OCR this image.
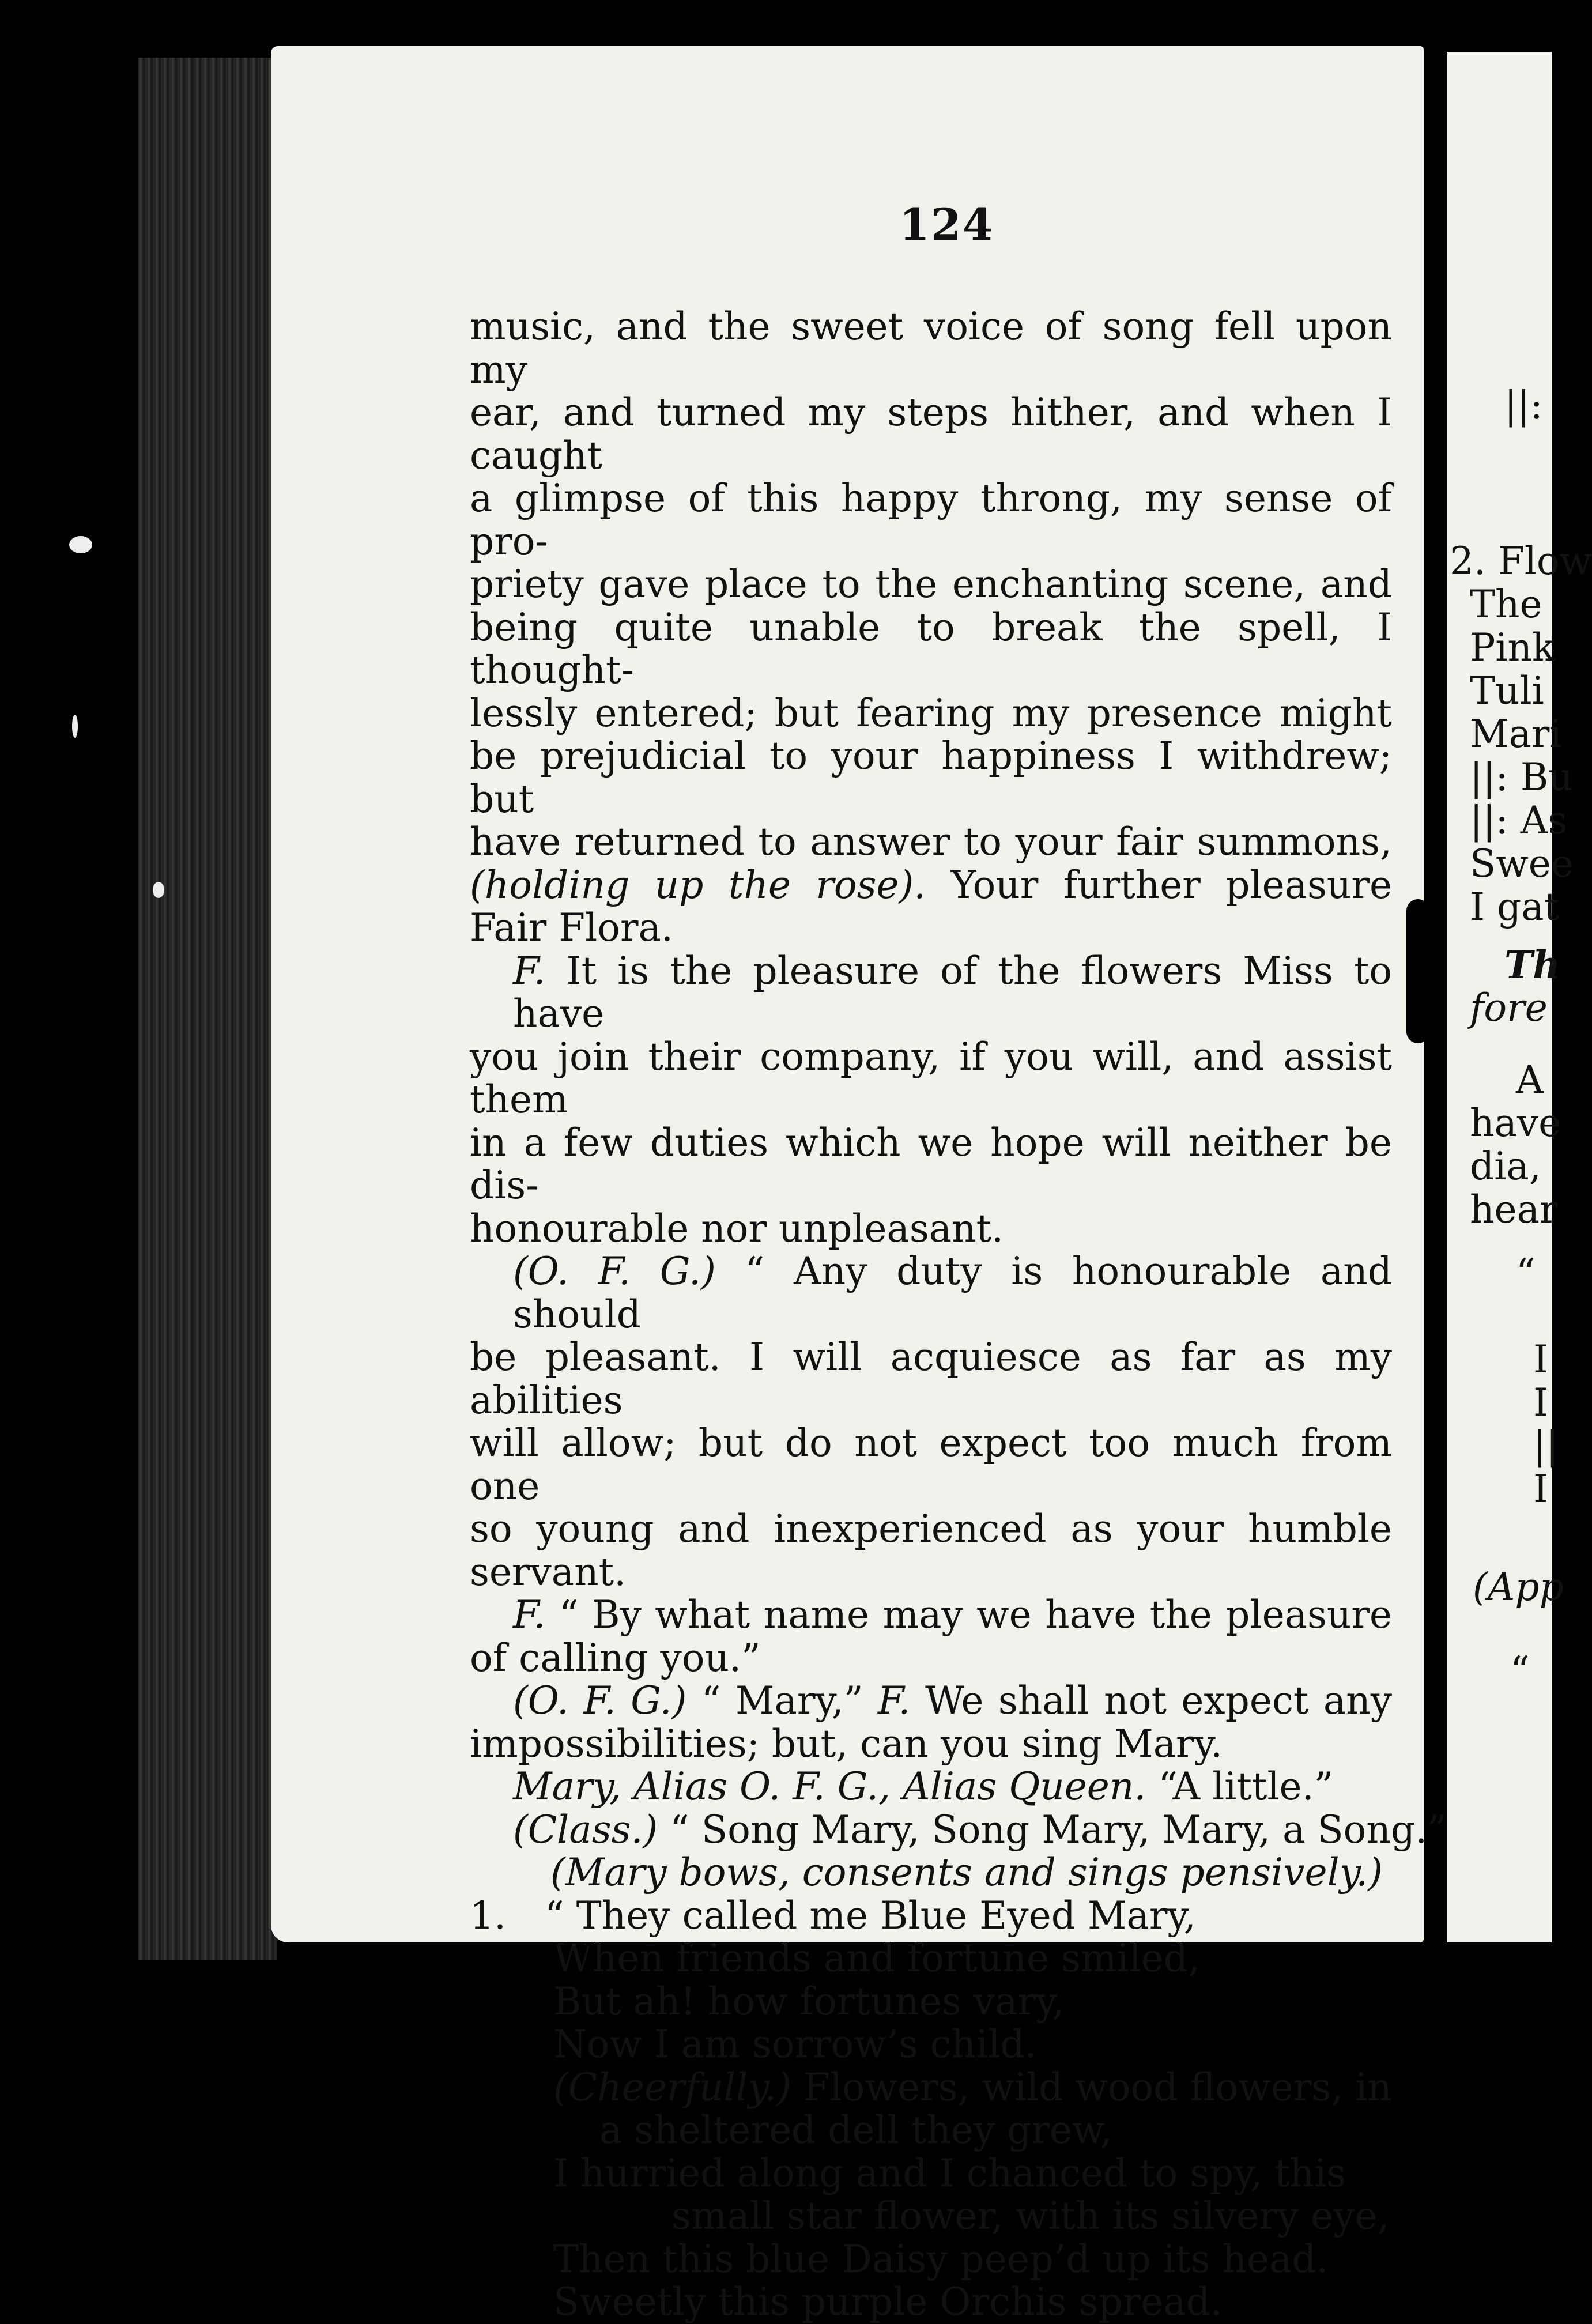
124
music, and the sweet voice of song fell upon my
ear, and turned my steps hither, and when I caught
a glimpse of this happy throng, my sense of pro-
priety gave place to the enchanting scene, and
being quite unable to break the spell, I thought-
lessly entered; but fearing my presence might
be prejudicial to your happiness I withdrew; but
have returned to answer to your fair summons,
(holding up the rose). Your further pleasure
Fair Flora.
F. It is the pleasure of the flowers Miss to have
you join their company, if you will, and assist them
in a few duties which we hope will neither be dis-
honourable nor unpleasant.
(O. F. G.) “ Any duty is honourable and should
be pleasant. I will acquiesce as far as my abilities
will allow; but do not expect too much from one
so young and inexperienced as your humble servant.
F. “ By what name may we have the pleasure
of calling you.”
(O. F. G.) “ Mary,” F. We shall not expect any
impossibilities; but, can you sing Mary.
Mary, Alias O. F. G., Alias Queen. “A little.”
(Class.) “ Song Mary, Song Mary, Mary, a Song.”
(Mary bows, consents and sings pensively.)
1. “ They called me Blue Eyed Mary,
When friends and fortune smiled,
But ah! how fortunes vary,
Now I am sorrow’s child.
(Cheerfully.) Flowers, wild wood flowers, in
a sheltered dell they grew,
I hurried along and I chanced to spy, this
small star flower, with its silvery eye,
Then this blue Daisy peep’d up its head.
Sweetly this purple Orchis spread.
||:
2. Flow
The
Pink
Tuli
Mari
||: Bu
||: As
Swee
I gat
Th
fore
A
have
dia,
hear
“
I
I
||
I
(App
“
